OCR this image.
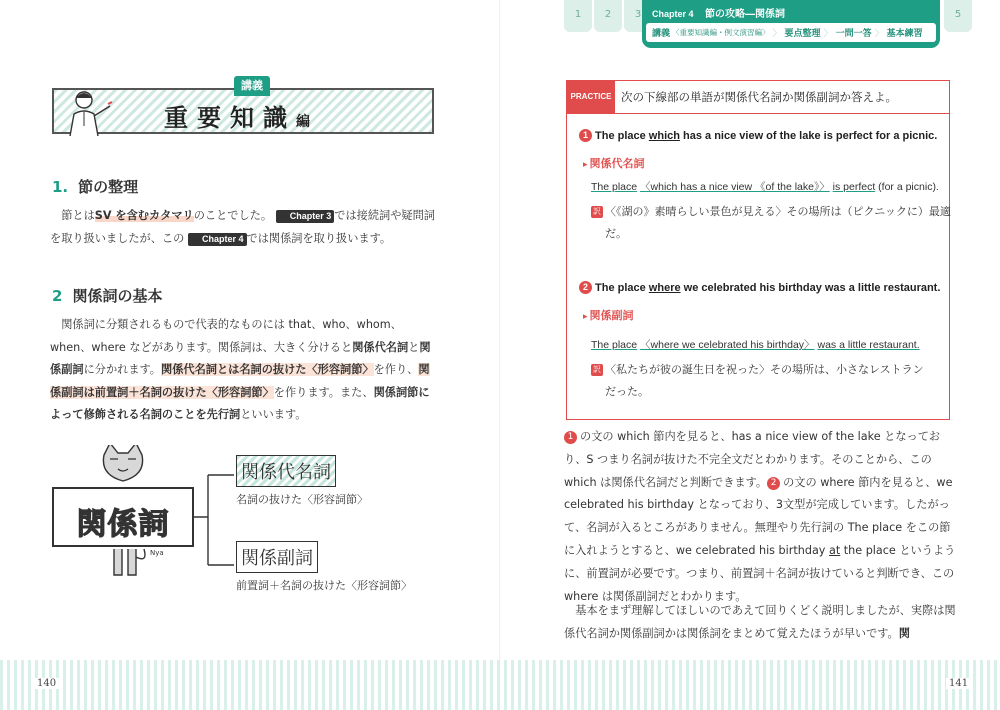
1	2	3	Chapter 4 節の攻略―関係詞
講義 〈重要知識編・例文演習編〉 〉 要点整理 〉 一問一答 〉 基本練習
5
講義
重要知識編
1. 節の整理
節とはSV を含むカタマリのことでした。 Chapter 3 では接続詞や疑問詞を取り扱いましたが、この Chapter 4 では関係詞を取り扱います。
2 関係詞の基本
関係詞に分類されるもので代表的なものには that、who、whom、when、where などがあります。関係詞は、大きく分けると関係代名詞と関係副詞に分かれます。関係代名詞とは名詞の抜けた〈形容詞節〉を作り、関係副詞は前置詞＋名詞の抜けた〈形容詞節〉を作ります。また、関係詞節によって修飾される名詞のことを先行詞といいます。
関係詞
Nya
関係代名詞
名詞の抜けた〈形容詞節〉
関係副詞
前置詞＋名詞の抜けた〈形容詞節〉
PRACTICE 次の下線部の単語が関係代名詞か関係副詞か答えよ。
1 The place which has a nice view of the lake is perfect for a picnic.
▸ 関係代名詞
The place 〈which has a nice view 《of the lake》〉 is perfect (for a picnic).
訳 〈《湖の》素晴らしい景色が見える〉その場所は（ピクニックに）最適
だ。
2 The place where we celebrated his birthday was a little restaurant.
▸ 関係副詞
The place 〈where we celebrated his birthday〉 was a little restaurant.
訳 〈私たちが彼の誕生日を祝った〉その場所は、小さなレストラン
だった。
1 の文の which 節内を見ると、has a nice view of the lake となっており、S つまり名詞が抜けた不完全文だとわかります。そのことから、この which は関係代名詞だと判断できます。 2 の文の where 節内を見ると、we celebrated his birthday となっており、3文型が完成しています。したがって、名詞が入るところがありません。無理やり先行詞の The place をこの節に入れようとすると、we celebrated his birthday at the place というように、前置詞が必要です。つまり、前置詞＋名詞が抜けていると判断でき、この where は関係副詞だとわかります。
基本をまず理解してほしいのであえて回りくどく説明しましたが、実際は関係代名詞か関係副詞かは関係詞をまとめて覚えたほうが早いです。関
140	141
